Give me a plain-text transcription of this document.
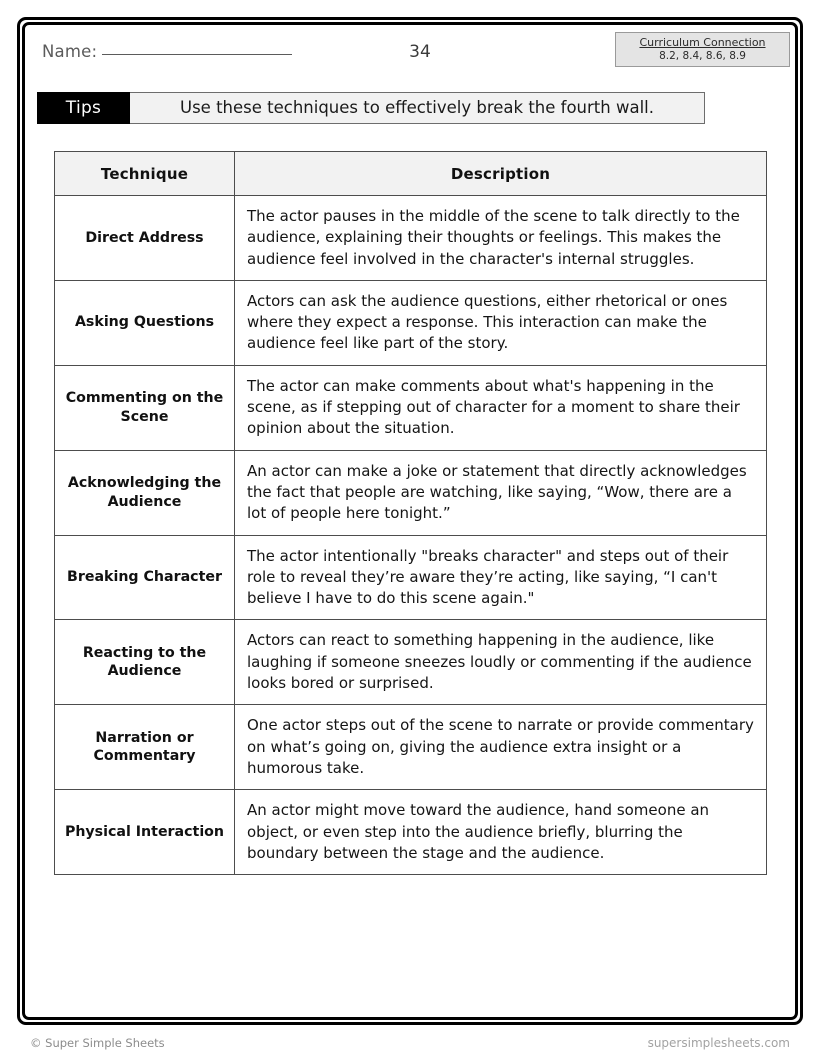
Name:	34	Curriculum Connection
8.2, 8.4, 8.6, 8.9
Tips	Use these techniques to effectively break the fourth wall.
Technique	Description
Direct Address	The actor pauses in the middle of the scene to talk directly to the audience, explaining their thoughts or feelings. This makes the audience feel involved in the character's internal struggles.
Asking Questions	Actors can ask the audience questions, either rhetorical or ones where they expect a response. This interaction can make the audience feel like part of the story.
Commenting on the Scene	The actor can make comments about what's happening in the scene, as if stepping out of character for a moment to share their opinion about the situation.
Acknowledging the Audience	An actor can make a joke or statement that directly acknowledges the fact that people are watching, like saying, “Wow, there are a lot of people here tonight.”
Breaking Character	The actor intentionally "breaks character" and steps out of their role to reveal they’re aware they’re acting, like saying, “I can't believe I have to do this scene again."
Reacting to the Audience	Actors can react to something happening in the audience, like laughing if someone sneezes loudly or commenting if the audience looks bored or surprised.
Narration or Commentary	One actor steps out of the scene to narrate or provide commentary on what’s going on, giving the audience extra insight or a humorous take.
Physical Interaction	An actor might move toward the audience, hand someone an object, or even step into the audience briefly, blurring the boundary between the stage and the audience.
© Super Simple Sheets	supersimplesheets.com
